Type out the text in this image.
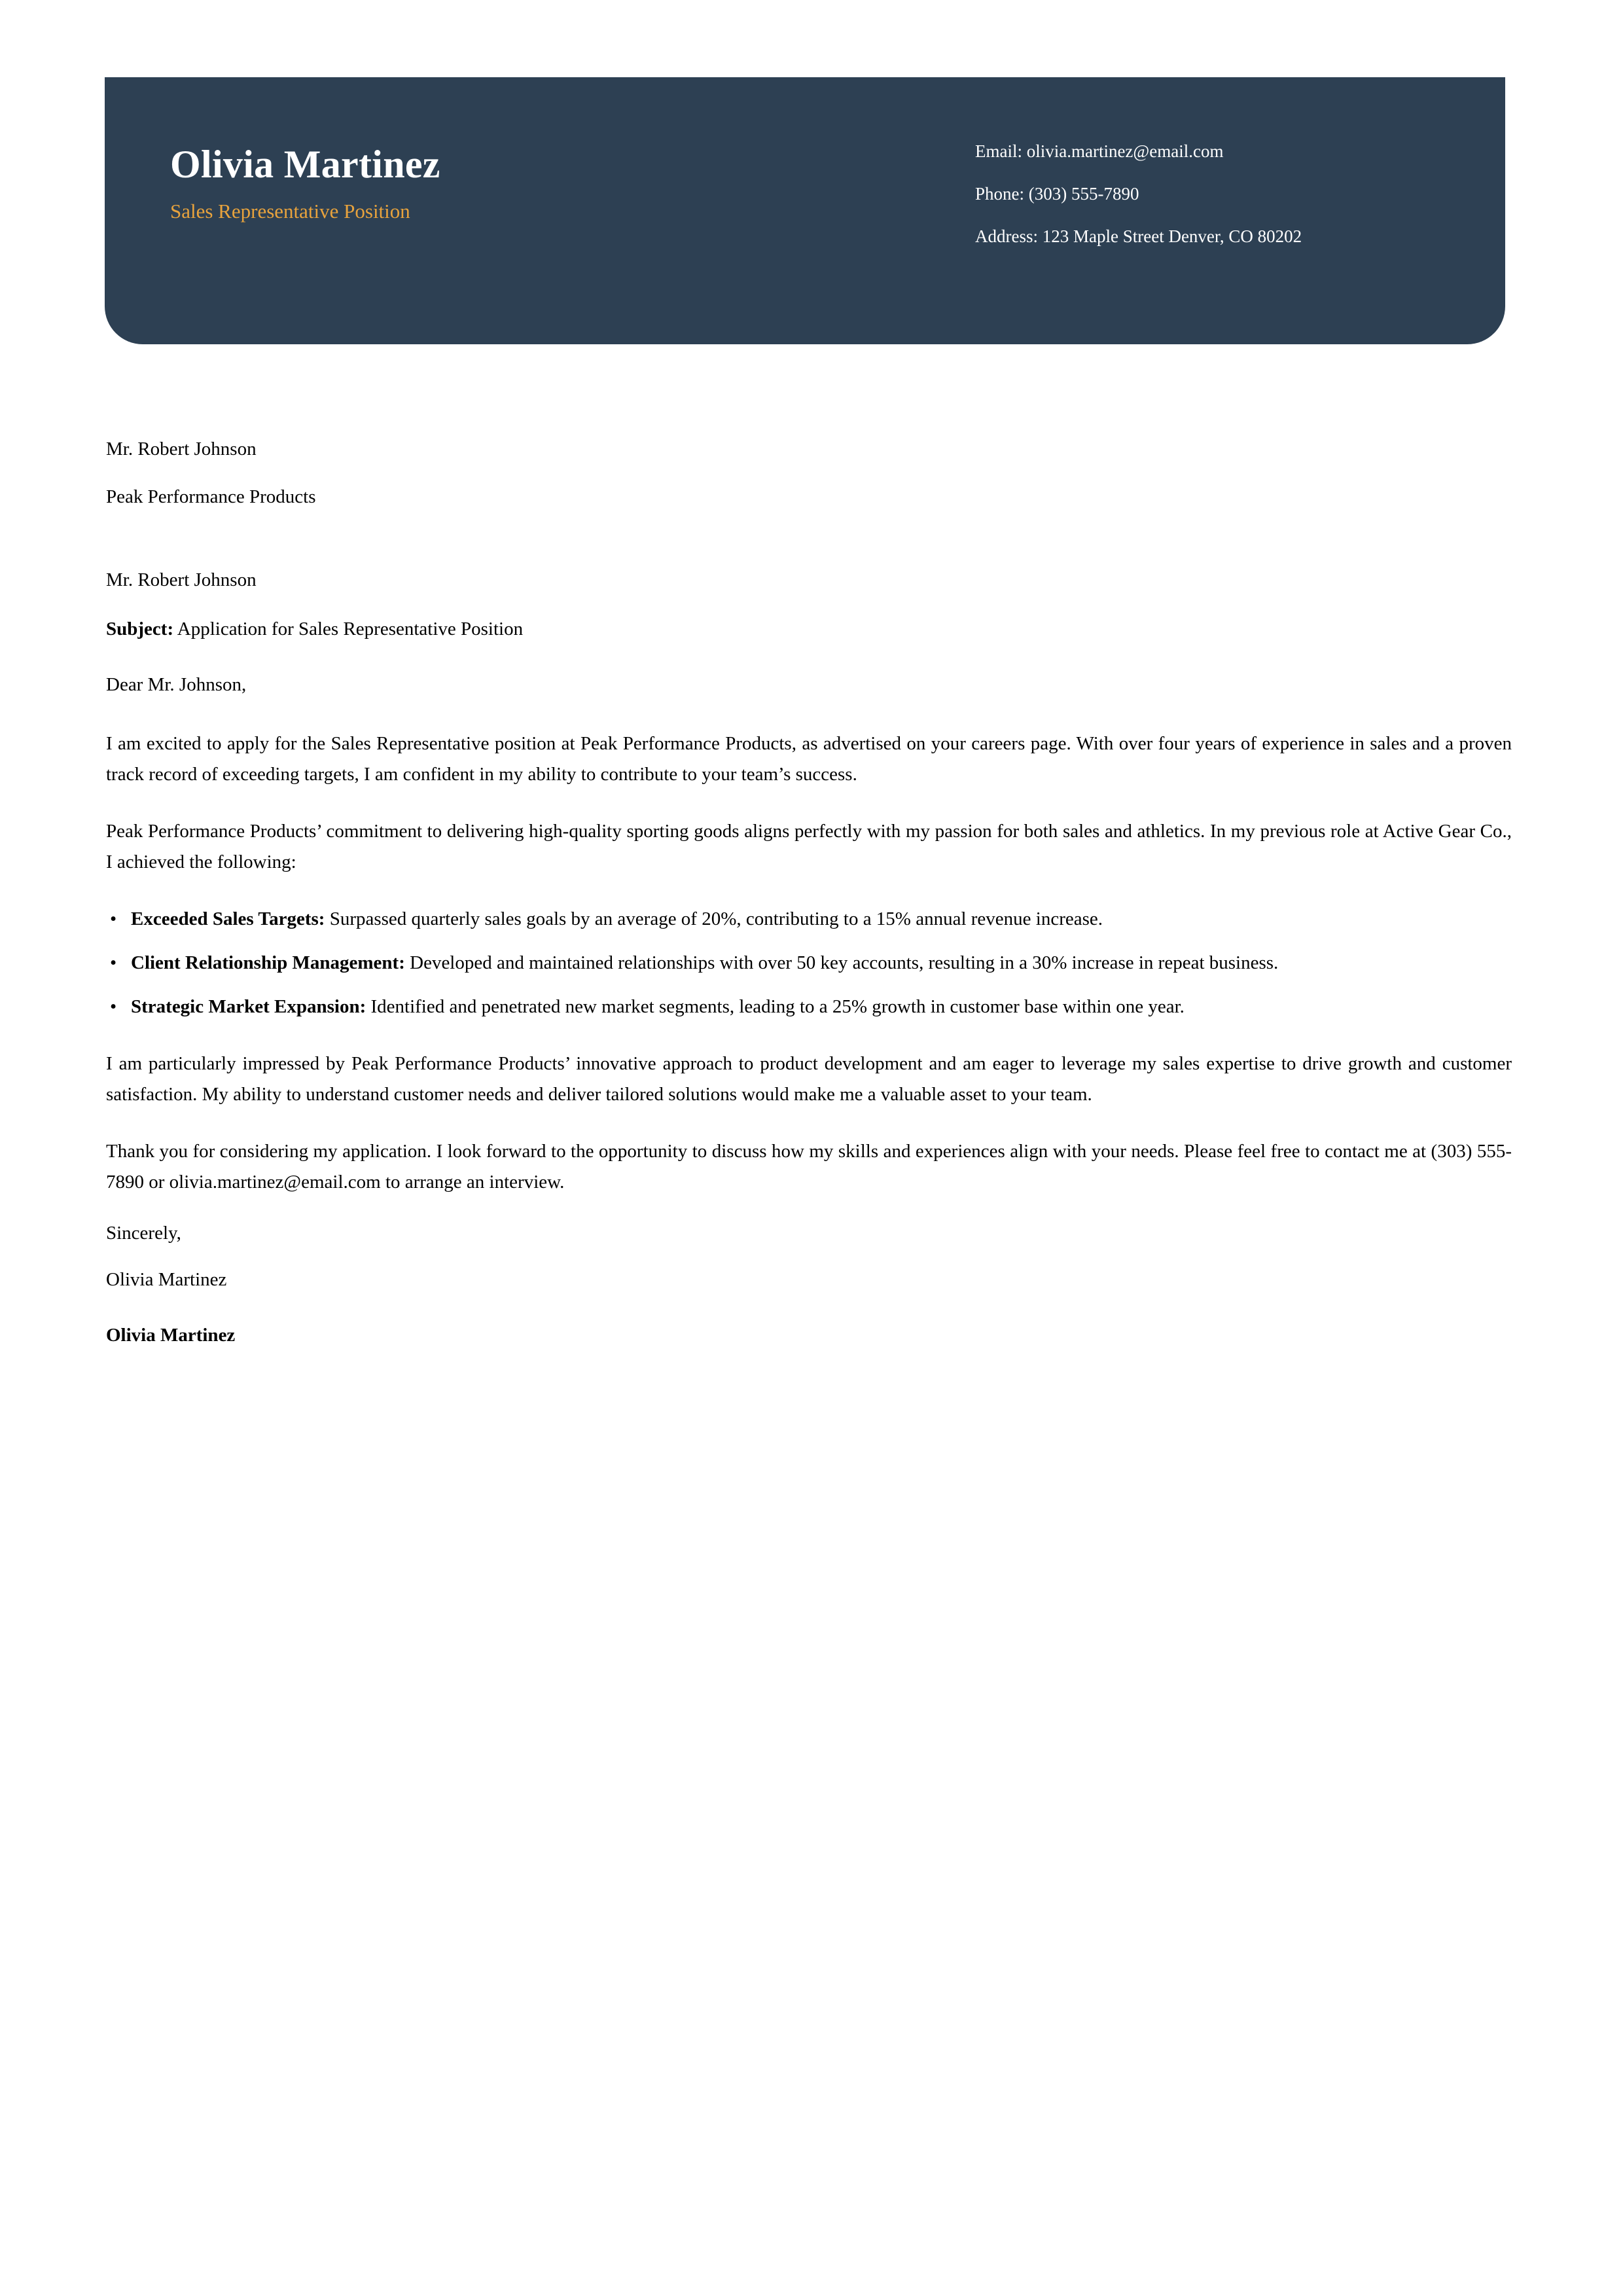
Olivia Martinez
Sales Representative Position
Email: olivia.martinez@email.com
Phone: (303) 555-7890
Address: 123 Maple Street Denver, CO 80202
Mr. Robert Johnson
Peak Performance Products
Mr. Robert Johnson
Subject: Application for Sales Representative Position
Dear Mr. Johnson,

I am excited to apply for the Sales Representative position at Peak Performance Products, as advertised on your careers page. With over four years of experience in sales and a proven track record of exceeding targets, I am confident in my ability to contribute to your team’s success.

Peak Performance Products’ commitment to delivering high-quality sporting goods aligns perfectly with my passion for both sales and athletics. In my previous role at Active Gear Co., I achieved the following:

• Exceeded Sales Targets: Surpassed quarterly sales goals by an average of 20%, contributing to a 15% annual revenue increase.
• Client Relationship Management: Developed and maintained relationships with over 50 key accounts, resulting in a 30% increase in repeat business.
• Strategic Market Expansion: Identified and penetrated new market segments, leading to a 25% growth in customer base within one year.

I am particularly impressed by Peak Performance Products’ innovative approach to product development and am eager to leverage my sales expertise to drive growth and customer satisfaction. My ability to understand customer needs and deliver tailored solutions would make me a valuable asset to your team.

Thank you for considering my application. I look forward to the opportunity to discuss how my skills and experiences align with your needs. Please feel free to contact me at (303) 555-7890 or olivia.martinez@email.com to arrange an interview.

Sincerely,
Olivia Martinez
Olivia Martinez
